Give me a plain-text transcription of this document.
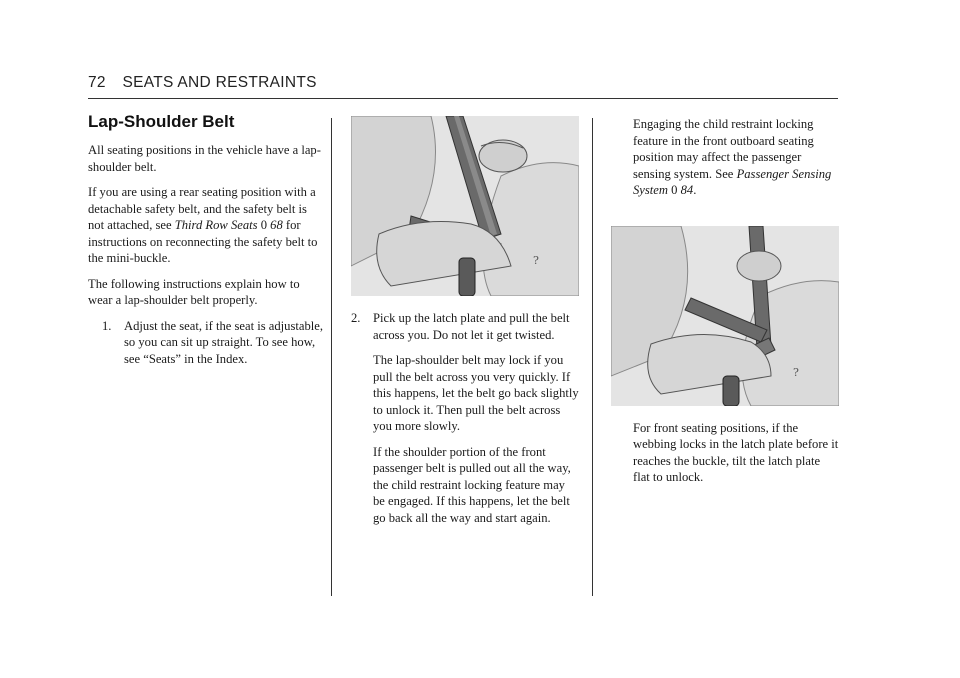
72 SEATS AND RESTRAINTS
Lap-Shoulder Belt

All seating positions in the vehicle have a lap-shoulder belt.

If you are using a rear seating position with a detachable safety belt, and the safety belt is not attached, see Third Row Seats 0 68 for instructions on reconnecting the safety belt to the mini-buckle.

The following instructions explain how to wear a lap-shoulder belt properly.

1. Adjust the seat, if the seat is adjustable, so you can sit up straight. To see how, see “Seats” in the Index.

?

2. Pick up the latch plate and pull the belt across you. Do not let it get twisted.

The lap-shoulder belt may lock if you pull the belt across you very quickly. If this happens, let the belt go back slightly to unlock it. Then pull the belt across you more slowly.

If the shoulder portion of the front passenger belt is pulled out all the way, the child restraint locking feature may be engaged. If this happens, let the belt go back all the way and start again.

Engaging the child restraint locking feature in the front outboard seating position may affect the passenger sensing system. See Passenger Sensing System 0 84.

?

For front seating positions, if the webbing locks in the latch plate before it reaches the buckle, tilt the latch plate flat to unlock.
